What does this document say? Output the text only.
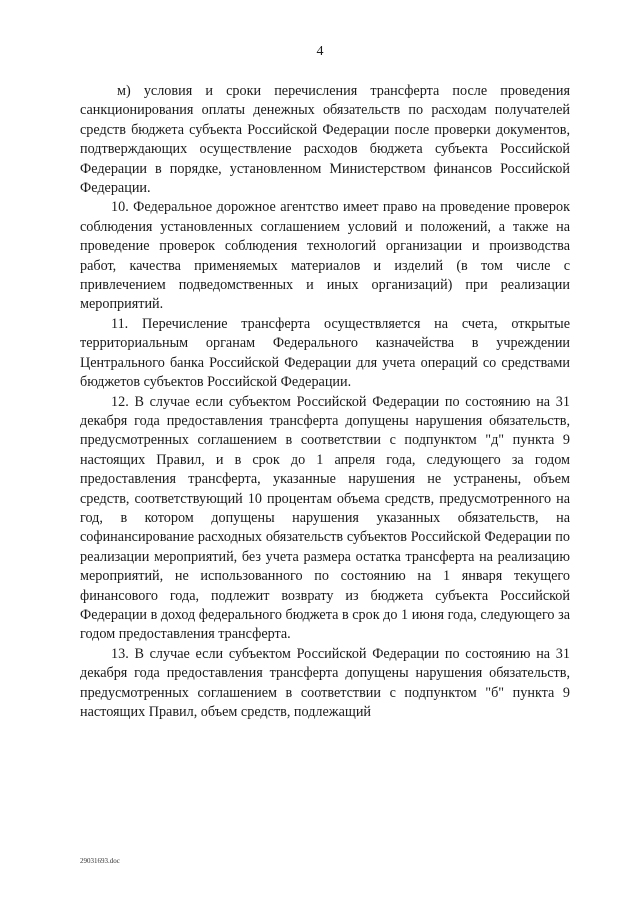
4

м) условия и сроки перечисления трансферта после проведения санкционирования оплаты денежных обязательств по расходам получателей средств бюджета субъекта Российской Федерации после проверки документов, подтверждающих осуществление расходов бюджета субъекта Российской Федерации в порядке, установленном Министерством финансов Российской Федерации.

10. Федеральное дорожное агентство имеет право на проведение проверок соблюдения установленных соглашением условий и положений, а также на проведение проверок соблюдения технологий организации и производства работ, качества применяемых материалов и изделий (в том числе с привлечением подведомственных и иных организаций) при реализации мероприятий.

11. Перечисление трансферта осуществляется на счета, открытые территориальным органам Федерального казначейства в учреждении Центрального банка Российской Федерации для учета операций со средствами бюджетов субъектов Российской Федерации.

12. В случае если субъектом Российской Федерации по состоянию на 31 декабря года предоставления трансферта допущены нарушения обязательств, предусмотренных соглашением в соответствии с подпунктом "д" пункта 9 настоящих Правил, и в срок до 1 апреля года, следующего за годом предоставления трансферта, указанные нарушения не устранены, объем средств, соответствующий 10 процентам объема средств, предусмотренного на год, в котором допущены нарушения указанных обязательств, на софинансирование расходных обязательств субъектов Российской Федерации по реализации мероприятий, без учета размера остатка трансферта на реализацию мероприятий, не использованного по состоянию на 1 января текущего финансового года, подлежит возврату из бюджета субъекта Российской Федерации в доход федерального бюджета в срок до 1 июня года, следующего за годом предоставления трансферта.

13. В случае если субъектом Российской Федерации по состоянию на 31 декабря года предоставления трансферта допущены нарушения обязательств, предусмотренных соглашением в соответствии с подпунктом "б" пункта 9 настоящих Правил, объем средств, подлежащий

29031693.doc
